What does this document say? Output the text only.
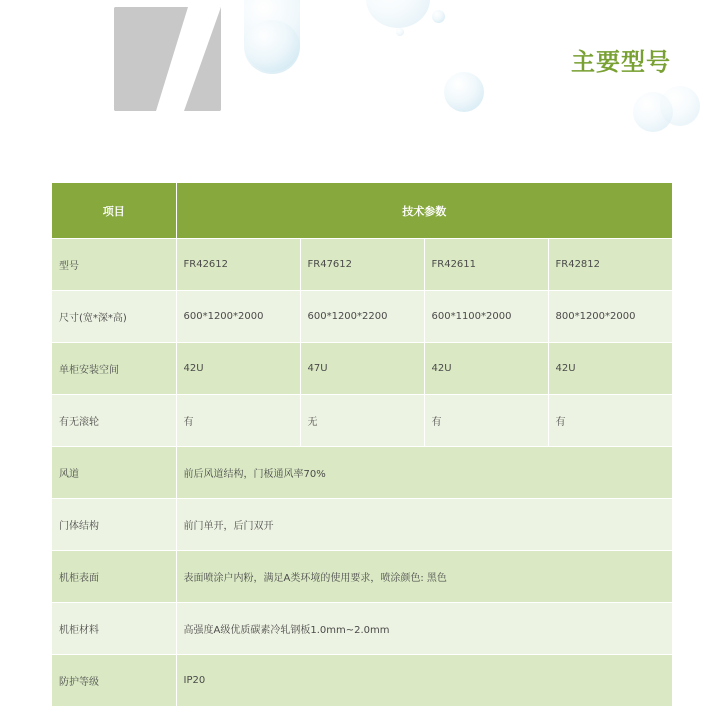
主要型号
项目	技术参数			
型号	FR42612	FR47612	FR42611	FR42812
尺寸(宽*深*高)	600*1200*2000	600*1200*2200	600*1100*2000	800*1200*2000
单柜安装空间	42U	47U	42U	42U
有无滚轮	有	无	有	有
风道	前后风道结构，门板通风率70%			
门体结构	前门单开，后门双开			
机柜表面	表面喷涂户内粉，满足A类环境的使用要求，喷涂颜色: 黑色			
机柜材料	高强度A级优质碳素冷轧钢板1.0mm~2.0mm			
防护等级	IP20			
